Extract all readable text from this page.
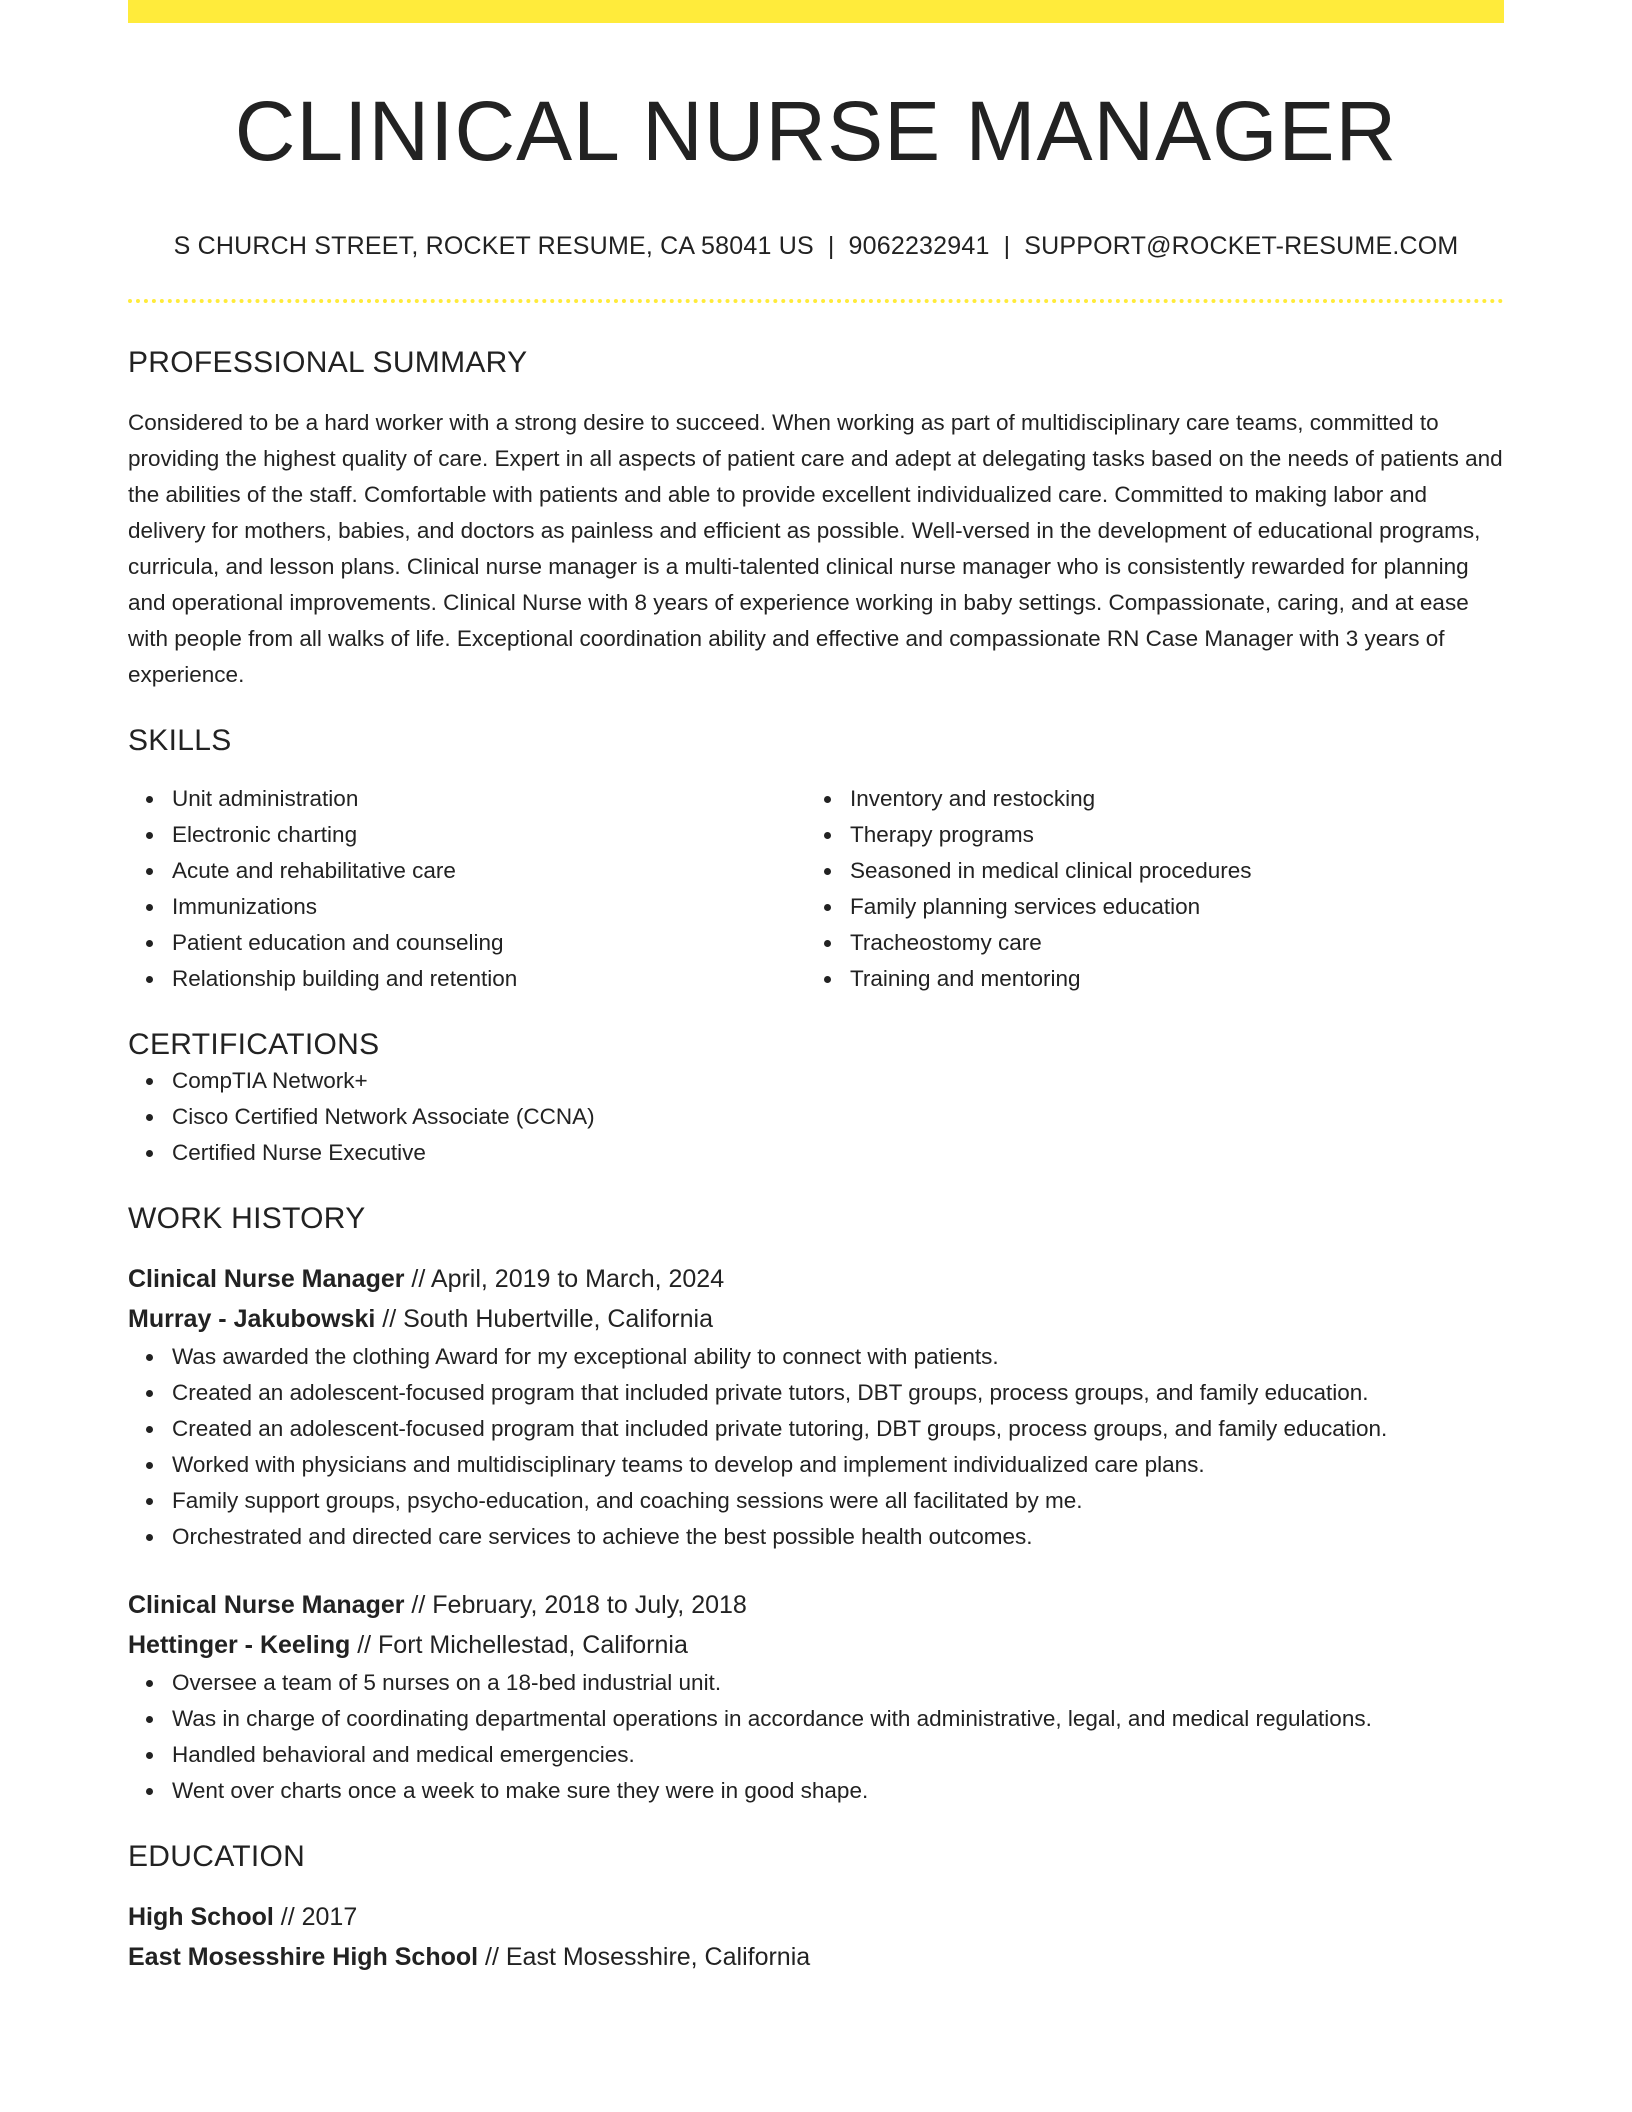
CLINICAL NURSE MANAGER
S CHURCH STREET, ROCKET RESUME, CA 58041 US | 9062232941 | SUPPORT@ROCKET-RESUME.COM
PROFESSIONAL SUMMARY

Considered to be a hard worker with a strong desire to succeed. When working as part of multidisciplinary care teams, committed to providing the highest quality of care. Expert in all aspects of patient care and adept at delegating tasks based on the needs of patients and the abilities of the staff. Comfortable with patients and able to provide excellent individualized care. Committed to making labor and delivery for mothers, babies, and doctors as painless and efficient as possible. Well-versed in the development of educational programs, curricula, and lesson plans. Clinical nurse manager is a multi-talented clinical nurse manager who is consistently rewarded for planning and operational improvements. Clinical Nurse with 8 years of experience working in baby settings. Compassionate, caring, and at ease with people from all walks of life. Exceptional coordination ability and effective and compassionate RN Case Manager with 3 years of experience.

SKILLS
Unit administration
Electronic charting
Acute and rehabilitative care
Immunizations
Patient education and counseling
Relationship building and retention
Inventory and restocking
Therapy programs
Seasoned in medical clinical procedures
Family planning services education
Tracheostomy care
Training and mentoring
CERTIFICATIONS
CompTIA Network+
Cisco Certified Network Associate (CCNA)
Certified Nurse Executive
WORK HISTORY
Clinical Nurse Manager // April, 2019 to March, 2024
Murray - Jakubowski // South Hubertville, California
Was awarded the clothing Award for my exceptional ability to connect with patients.
Created an adolescent-focused program that included private tutors, DBT groups, process groups, and family education.
Created an adolescent-focused program that included private tutoring, DBT groups, process groups, and family education.
Worked with physicians and multidisciplinary teams to develop and implement individualized care plans.
Family support groups, psycho-education, and coaching sessions were all facilitated by me.
Orchestrated and directed care services to achieve the best possible health outcomes.
Clinical Nurse Manager // February, 2018 to July, 2018
Hettinger - Keeling // Fort Michellestad, California
Oversee a team of 5 nurses on a 18-bed industrial unit.
Was in charge of coordinating departmental operations in accordance with administrative, legal, and medical regulations.
Handled behavioral and medical emergencies.
Went over charts once a week to make sure they were in good shape.
EDUCATION
High School // 2017
East Mosesshire High School // East Mosesshire, California
